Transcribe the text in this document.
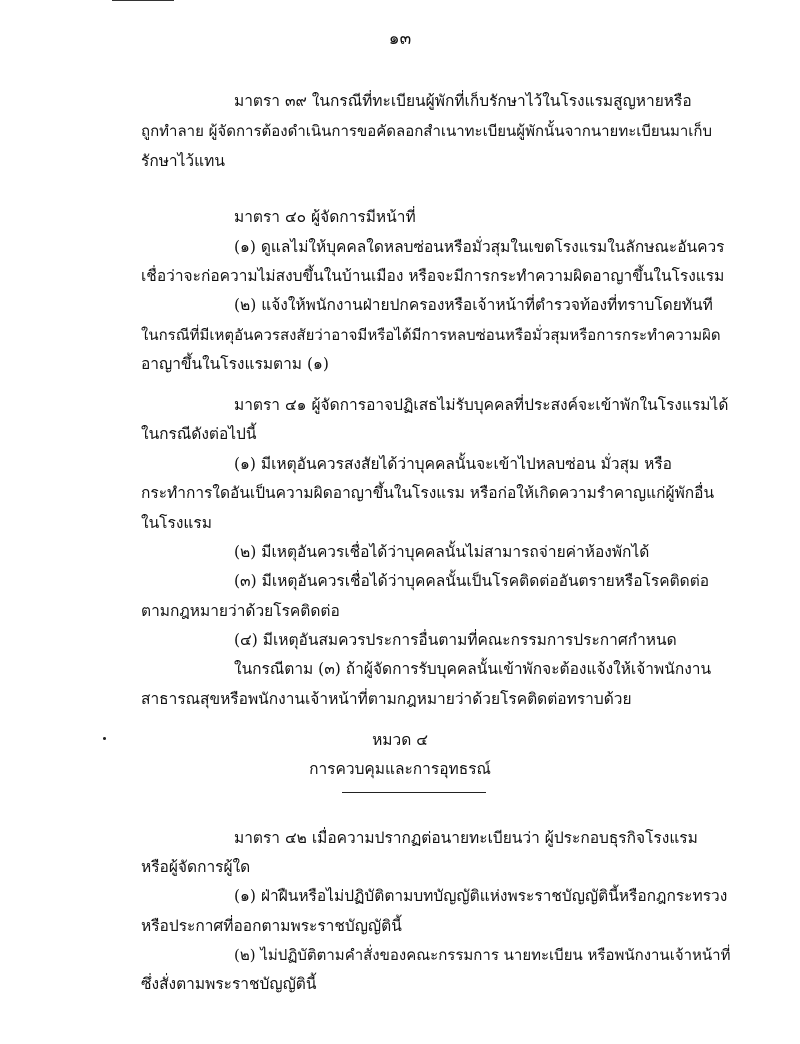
๑๓
มาตรา ๓๙ ในกรณีที่ทะเบียนผู้พักที่เก็บรักษาไว้ในโรงแรมสูญหายหรือ
ถูกทำลาย ผู้จัดการต้องดำเนินการขอคัดลอกสำเนาทะเบียนผู้พักนั้นจากนายทะเบียนมาเก็บ
รักษาไว้แทน
มาตรา ๔๐ ผู้จัดการมีหน้าที่
(๑) ดูแลไม่ให้บุคคลใดหลบซ่อนหรือมั่วสุมในเขตโรงแรมในลักษณะอันควร
เชื่อว่าจะก่อความไม่สงบขึ้นในบ้านเมือง หรือจะมีการกระทำความผิดอาญาขึ้นในโรงแรม
(๒) แจ้งให้พนักงานฝ่ายปกครองหรือเจ้าหน้าที่ตำรวจท้องที่ทราบโดยทันที
ในกรณีที่มีเหตุอันควรสงสัยว่าอาจมีหรือได้มีการหลบซ่อนหรือมั่วสุมหรือการกระทำความผิด
อาญาขึ้นในโรงแรมตาม (๑)
มาตรา ๔๑ ผู้จัดการอาจปฏิเสธไม่รับบุคคลที่ประสงค์จะเข้าพักในโรงแรมได้
ในกรณีดังต่อไปนี้
(๑) มีเหตุอันควรสงสัยได้ว่าบุคคลนั้นจะเข้าไปหลบซ่อน มั่วสุม หรือ
กระทำการใดอันเป็นความผิดอาญาขึ้นในโรงแรม หรือก่อให้เกิดความรำคาญแก่ผู้พักอื่น
ในโรงแรม
(๒) มีเหตุอันควรเชื่อได้ว่าบุคคลนั้นไม่สามารถจ่ายค่าห้องพักได้
(๓) มีเหตุอันควรเชื่อได้ว่าบุคคลนั้นเป็นโรคติดต่ออันตรายหรือโรคติดต่อ
ตามกฎหมายว่าด้วยโรคติดต่อ
(๔) มีเหตุอันสมควรประการอื่นตามที่คณะกรรมการประกาศกำหนด
ในกรณีตาม (๓) ถ้าผู้จัดการรับบุคคลนั้นเข้าพักจะต้องแจ้งให้เจ้าพนักงาน
สาธารณสุขหรือพนักงานเจ้าหน้าที่ตามกฎหมายว่าด้วยโรคติดต่อทราบด้วย
หมวด ๔
การควบคุมและการอุทธรณ์
มาตรา ๔๒ เมื่อความปรากฏต่อนายทะเบียนว่า ผู้ประกอบธุรกิจโรงแรม
หรือผู้จัดการผู้ใด
(๑) ฝ่าฝืนหรือไม่ปฏิบัติตามบทบัญญัติแห่งพระราชบัญญัตินี้หรือกฎกระทรวง
หรือประกาศที่ออกตามพระราชบัญญัตินี้
(๒) ไม่ปฏิบัติตามคำสั่งของคณะกรรมการ นายทะเบียน หรือพนักงานเจ้าหน้าที่
ซึ่งสั่งตามพระราชบัญญัตินี้
